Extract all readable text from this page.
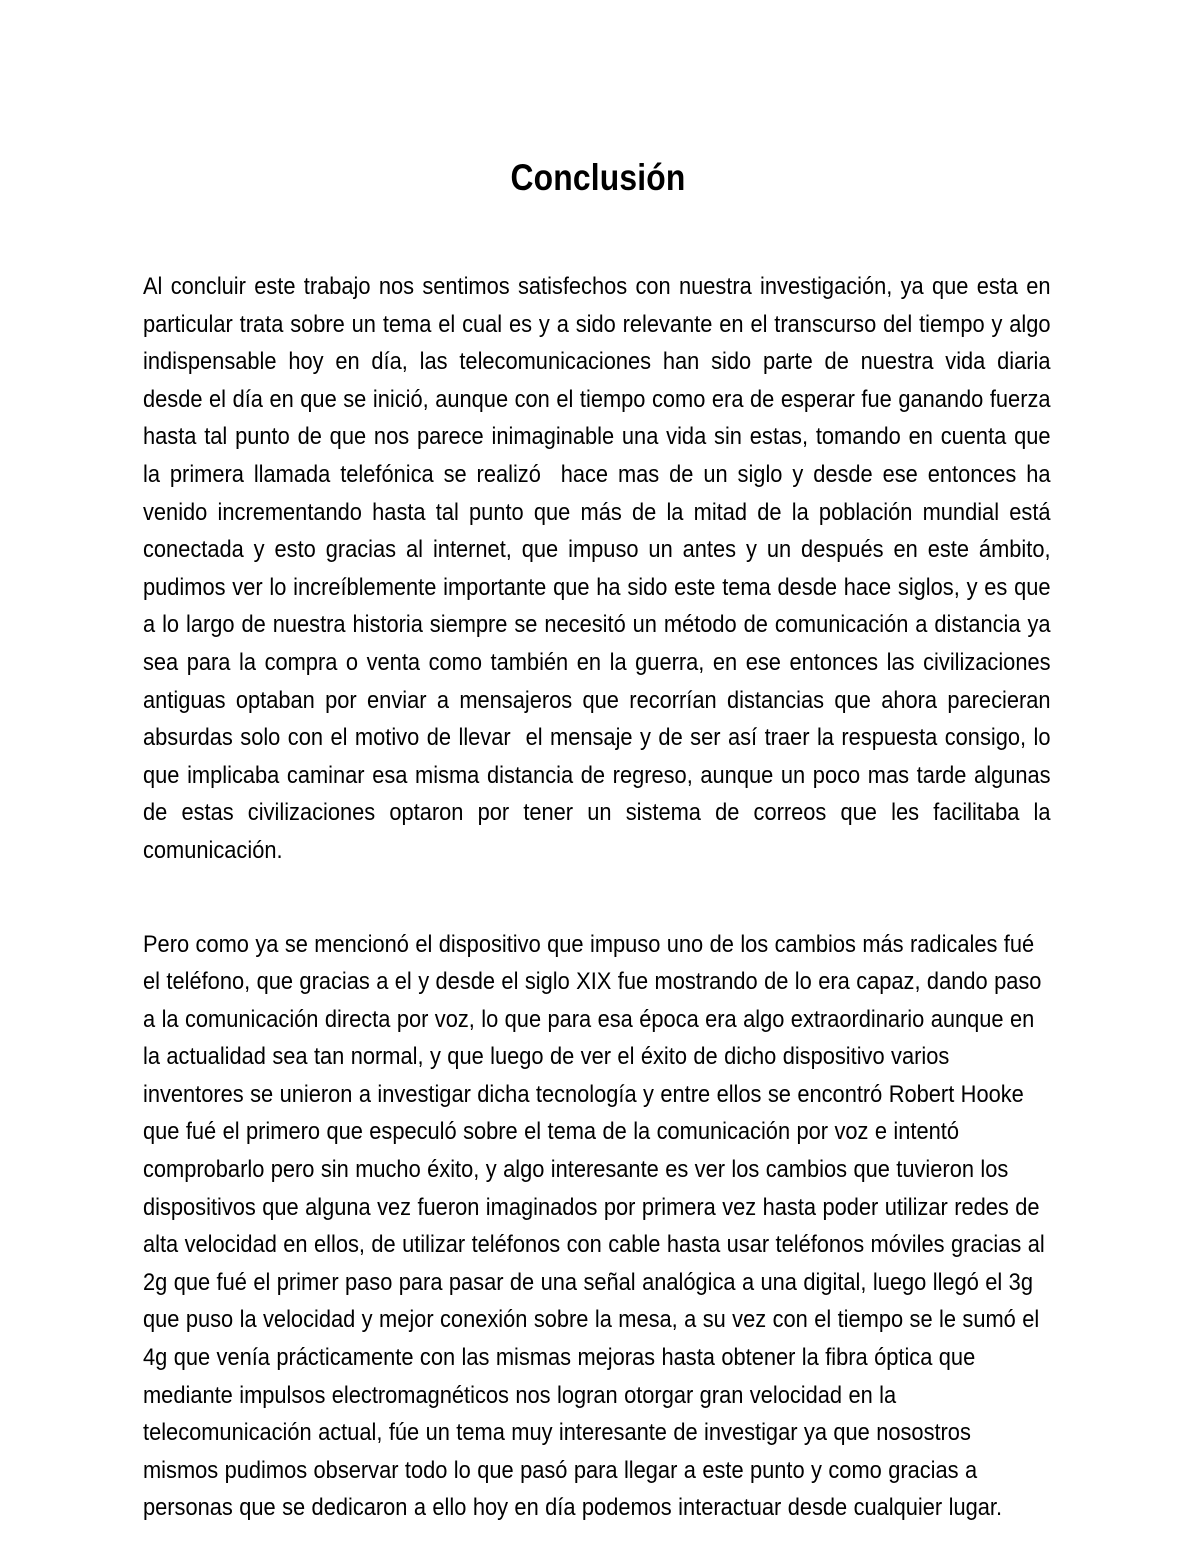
Conclusión

Al concluir este trabajo nos sentimos satisfechos con nuestra investigación, ya que esta en particular trata sobre un tema el cual es y a sido relevante en el transcurso del tiempo y algo indispensable hoy en día, las telecomunicaciones han sido parte de nuestra vida diaria desde el día en que se inició, aunque con el tiempo como era de esperar fue ganando fuerza hasta tal punto de que nos parece inimaginable una vida sin estas, tomando en cuenta que la primera llamada telefónica se realizó  hace mas de un siglo y desde ese entonces ha venido incrementando hasta tal punto que más de la mitad de la población mundial está conectada y esto gracias al internet, que impuso un antes y un después en este ámbito, pudimos ver lo increíblemente importante que ha sido este tema desde hace siglos, y es que a lo largo de nuestra historia siempre se necesitó un método de comunicación a distancia ya sea para la compra o venta como también en la guerra, en ese entonces las civilizaciones antiguas optaban por enviar a mensajeros que recorrían distancias que ahora parecieran absurdas solo con el motivo de llevar  el mensaje y de ser así traer la respuesta consigo, lo que implicaba caminar esa misma distancia de regreso, aunque un poco mas tarde algunas de estas civilizaciones optaron por tener un sistema de correos que les facilitaba la comunicación.

Pero como ya se mencionó el dispositivo que impuso uno de los cambios más radicales fué el teléfono, que gracias a el y desde el siglo XIX fue mostrando de lo era capaz, dando paso a la comunicación directa por voz, lo que para esa época era algo extraordinario aunque en la actualidad sea tan normal, y que luego de ver el éxito de dicho dispositivo varios inventores se unieron a investigar dicha tecnología y entre ellos se encontró Robert Hooke que fué el primero que especuló sobre el tema de la comunicación por voz e intentó comprobarlo pero sin mucho éxito, y algo interesante es ver los cambios que tuvieron los dispositivos que alguna vez fueron imaginados por primera vez hasta poder utilizar redes de alta velocidad en ellos, de utilizar teléfonos con cable hasta usar teléfonos móviles gracias al 2g que fué el primer paso para pasar de una señal analógica a una digital, luego llegó el 3g que puso la velocidad y mejor conexión sobre la mesa, a su vez con el tiempo se le sumó el 4g que venía prácticamente con las mismas mejoras hasta obtener la fibra óptica que mediante impulsos electromagnéticos nos logran otorgar gran velocidad en la telecomunicación actual, fúe un tema muy interesante de investigar ya que nosostros mismos pudimos observar todo lo que pasó para llegar a este punto y como gracias a personas que se dedicaron a ello hoy en día podemos interactuar desde cualquier lugar.
